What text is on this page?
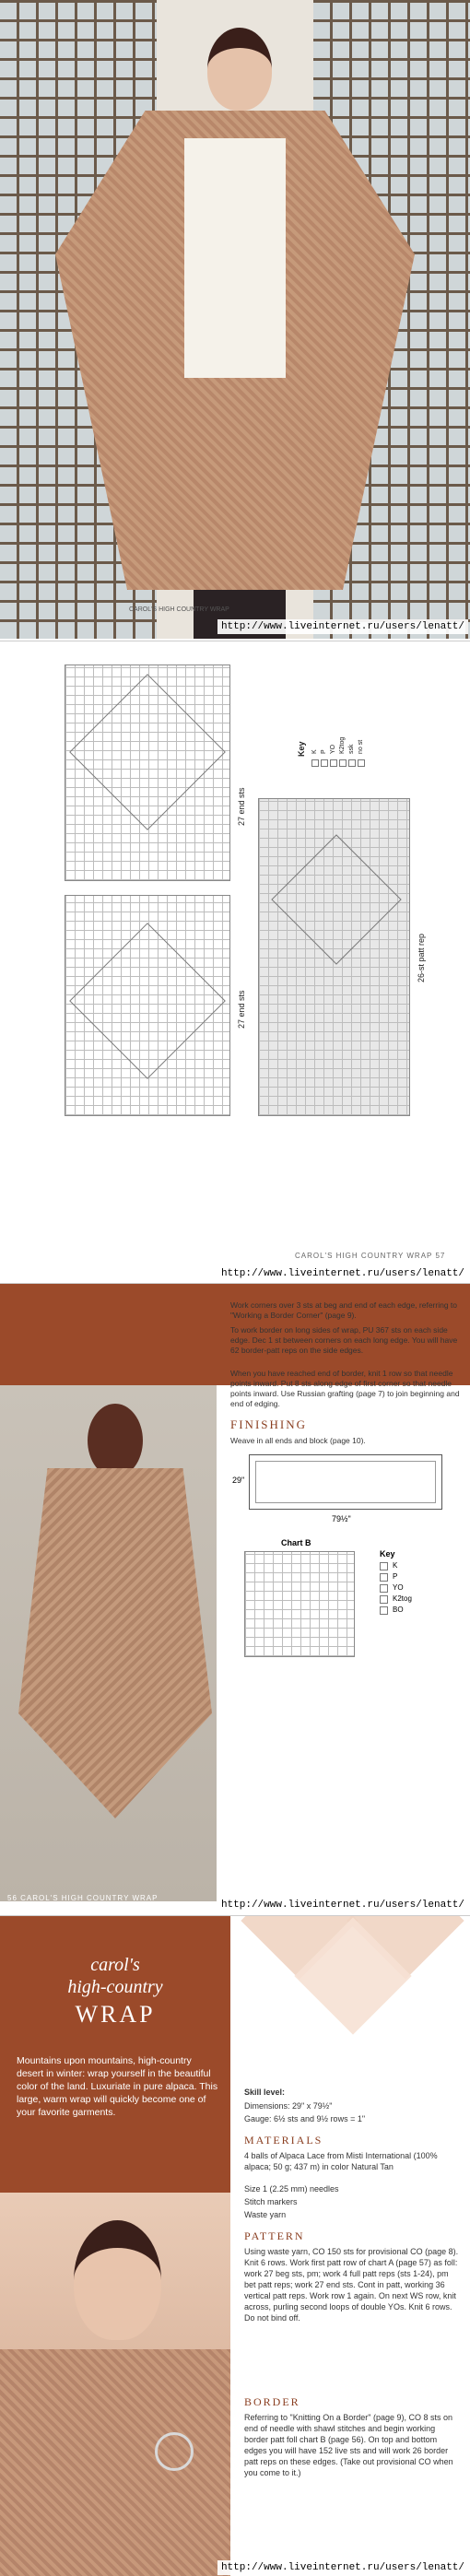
CAROL'S HIGH COUNTRY WRAP
http://www.liveinternet.ru/users/lenatt/
27 end sts
27 end sts
26-st patt rep
Key K P YO K2tog ssk no st
CAROL'S HIGH COUNTRY WRAP 57
http://www.liveinternet.ru/users/lenatt/
Work corners over 3 sts at beg and end of each edge, referring to "Working a Border Corner" (page 9).
To work border on long sides of wrap, PU 367 sts on each side edge. Dec 1 st between corners on each long edge. You will have 62 border-patt reps on the side edges.
When you have reached end of border, knit 1 row so that needle points inward. Put 8 sts along edge of first corner so that needle points inward. Use Russian grafting (page 7) to join beginning and end of edging.
FINISHING
Weave in all ends and block (page 10).
29"
79½"
Chart B
Key
K
P
YO
K2tog
BO
56 CAROL'S HIGH COUNTRY WRAP
http://www.liveinternet.ru/users/lenatt/
carol's
high-country
WRAP
Mountains upon mountains, high-country desert in winter: wrap yourself in the beautiful color of the land. Luxuriate in pure alpaca. This large, warm wrap will quickly become one of your favorite garments.
Skill level:
Dimensions: 29" x 79½"
Gauge: 6½ sts and 9½ rows = 1"
MATERIALS
4 balls of Alpaca Lace from Misti International (100% alpaca; 50 g; 437 m) in color Natural Tan
Size 1 (2.25 mm) needles
Stitch markers
Waste yarn
PATTERN
Using waste yarn, CO 150 sts for provisional CO (page 8). Knit 6 rows. Work first patt row of chart A (page 57) as foll: work 27 beg sts, pm; work 4 full patt reps (sts 1-24), pm bet patt reps; work 27 end sts. Cont in patt, working 36 vertical patt reps. Work row 1 again. On next WS row, knit across, purling second loops of double YOs. Knit 6 rows. Do not bind off.
BORDER
Referring to "Knitting On a Border" (page 9), CO 8 sts on end of needle with shawl stitches and begin working border patt foll chart B (page 56). On top and bottom edges you will have 152 live sts and will work 26 border patt reps on these edges. (Take out provisional CO when you come to it.)
http://www.liveinternet.ru/users/lenatt/
